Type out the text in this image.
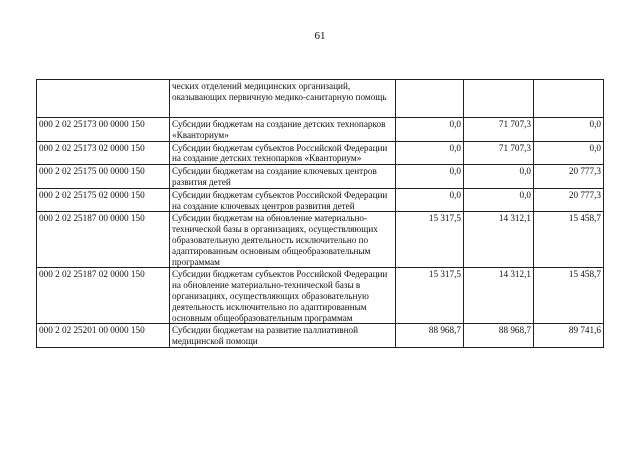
61
	ческих отделений медицинских организаций, оказывающих первичную медико-санитарную помощь			
000 2 02 25173 00 0000 150	Субсидии бюджетам на создание детских технопарков «Кванториум»	0,0	71 707,3	0,0
000 2 02 25173 02 0000 150	Субсидии бюджетам субъектов Российской Федерации на создание детских технопарков «Кванториум»	0,0	71 707,3	0,0
000 2 02 25175 00 0000 150	Субсидии бюджетам на создание ключевых центров развития детей	0,0	0,0	20 777,3
000 2 02 25175 02 0000 150	Субсидии бюджетам субъектов Российской Федерации на создание ключевых центров развития детей	0,0	0,0	20 777,3
000 2 02 25187 00 0000 150	Субсидии бюджетам на обновление материально-технической базы в организациях, осуществляющих образовательную деятельность исключительно по адаптированным основным общеобразовательным программам	15 317,5	14 312,1	15 458,7
000 2 02 25187 02 0000 150	Субсидии бюджетам субъектов Российской Федерации на обновление материально-технической базы в организациях, осуществляющих образовательную деятельность исключительно по адаптированным основным общеобразовательным программам	15 317,5	14 312,1	15 458,7
000 2 02 25201 00 0000 150	Субсидии бюджетам на развитие паллиативной медицинской помощи	88 968,7	88 968,7	89 741,6
